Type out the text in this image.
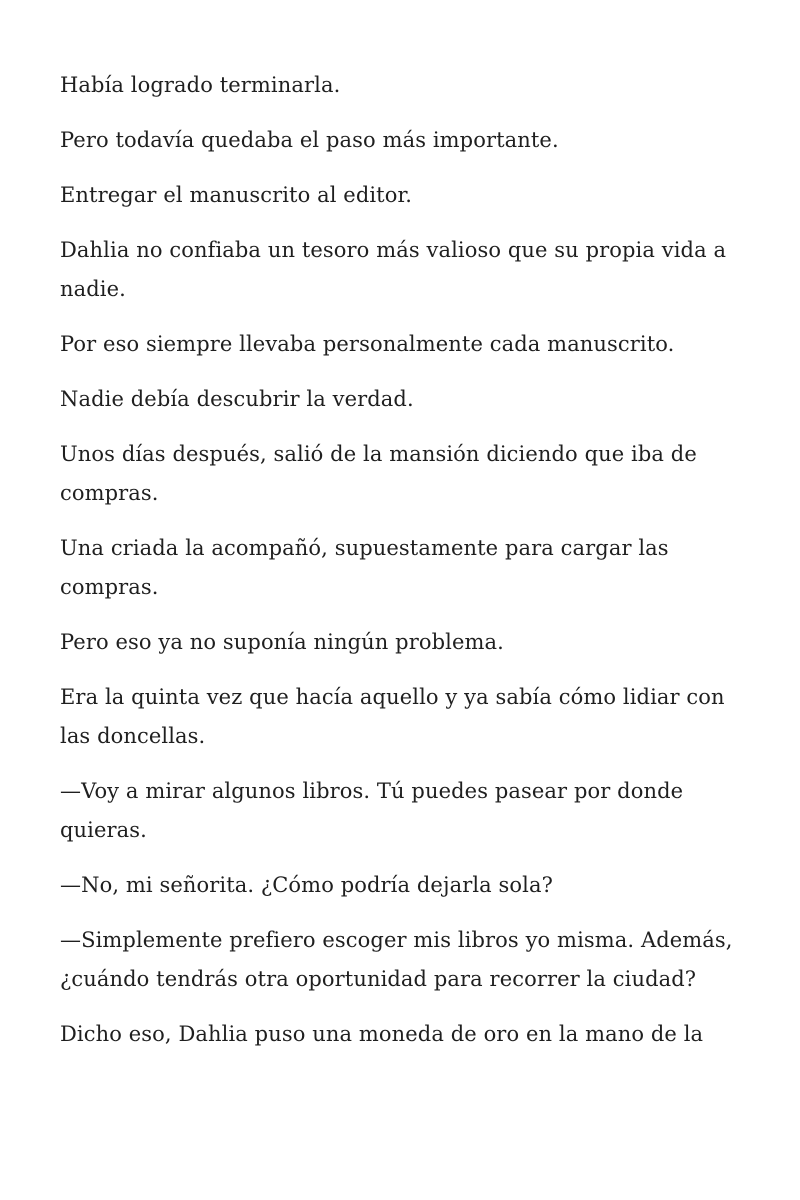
Había logrado terminarla.

Pero todavía quedaba el paso más importante.

Entregar el manuscrito al editor.

Dahlia no confiaba un tesoro más valioso que su propia vida a nadie.

Por eso siempre llevaba personalmente cada manuscrito.

Nadie debía descubrir la verdad.

Unos días después, salió de la mansión diciendo que iba de compras.

Una criada la acompañó, supuestamente para cargar las compras.

Pero eso ya no suponía ningún problema.

Era la quinta vez que hacía aquello y ya sabía cómo lidiar con las doncellas.

—Voy a mirar algunos libros. Tú puedes pasear por donde quieras.

—No, mi señorita. ¿Cómo podría dejarla sola?

—Simplemente prefiero escoger mis libros yo misma. Además, ¿cuándo tendrás otra oportunidad para recorrer la ciudad?

Dicho eso, Dahlia puso una moneda de oro en la mano de la
